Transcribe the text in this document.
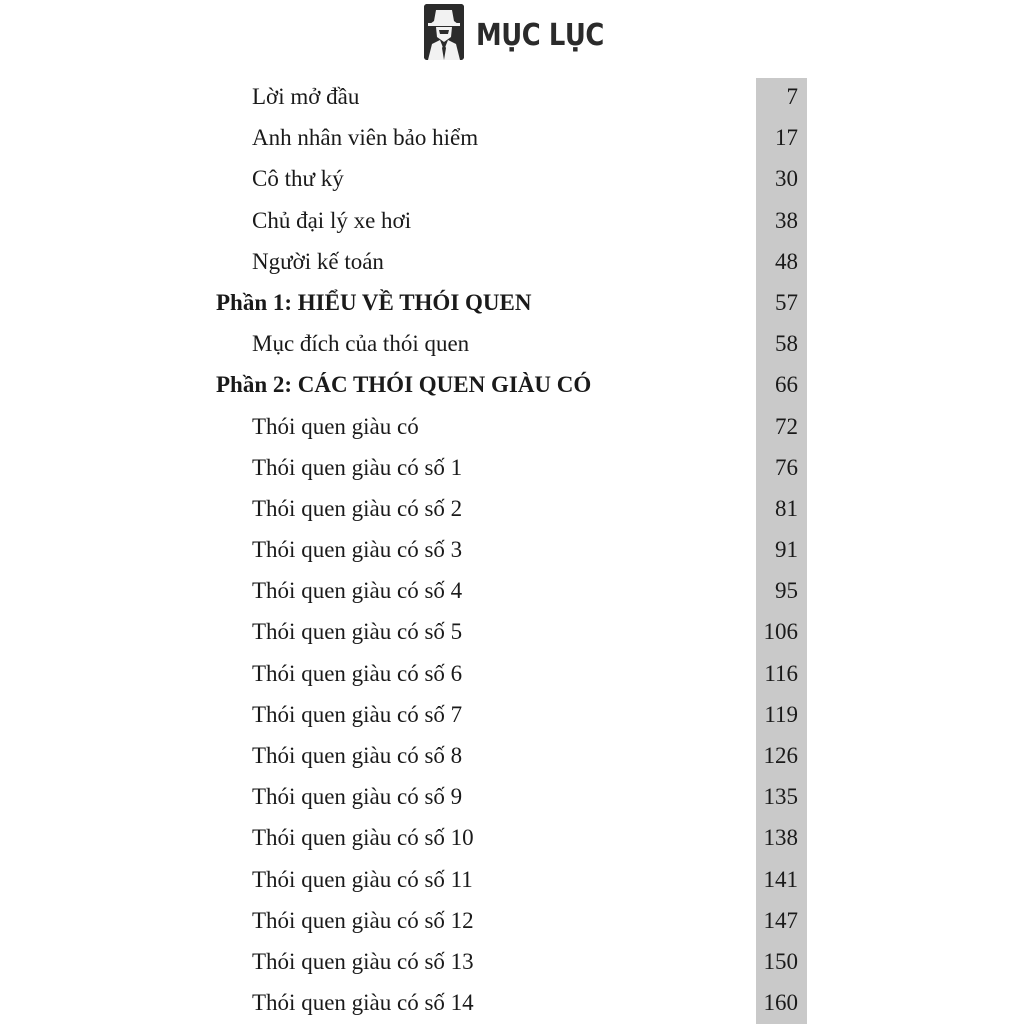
MỤC LỤC
Lời mở đầu	7
Anh nhân viên bảo hiểm	17
Cô thư ký	30
Chủ đại lý xe hơi	38
Người kế toán	48
Phần 1: HIỂU VỀ THÓI QUEN	57
Mục đích của thói quen	58
Phần 2: CÁC THÓI QUEN GIÀU CÓ	66
Thói quen giàu có	72
Thói quen giàu có số 1	76
Thói quen giàu có số 2	81
Thói quen giàu có số 3	91
Thói quen giàu có số 4	95
Thói quen giàu có số 5	106
Thói quen giàu có số 6	116
Thói quen giàu có số 7	119
Thói quen giàu có số 8	126
Thói quen giàu có số 9	135
Thói quen giàu có số 10	138
Thói quen giàu có số 11	141
Thói quen giàu có số 12	147
Thói quen giàu có số 13	150
Thói quen giàu có số 14	160
